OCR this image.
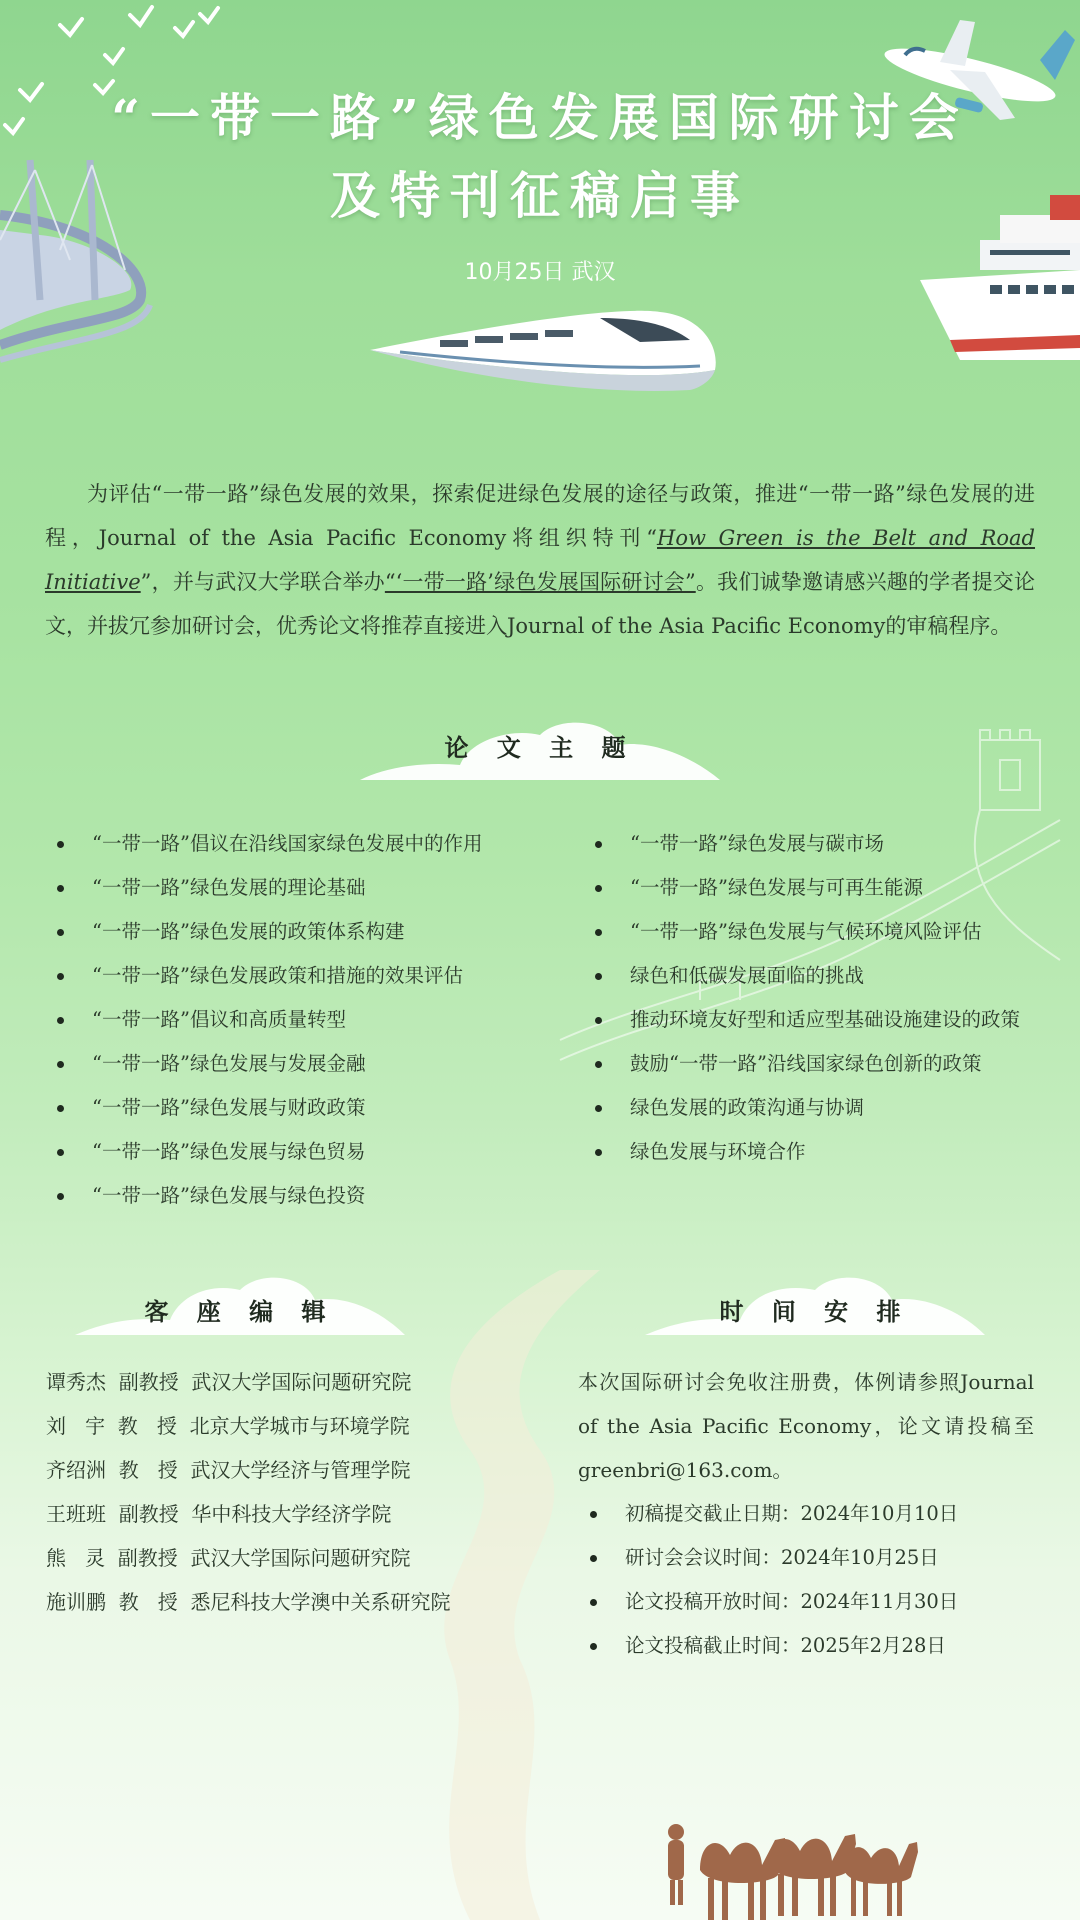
“一带一路”绿色发展国际研讨会
及特刊征稿启事
10月25日 武汉
为评估“一带一路”绿色发展的效果，探索促进绿色发展的途径与政策，推进“一带一路”绿色发展的进程，Journal of the Asia Pacific Economy将组织特刊“How Green is the Belt and Road Initiative”，并与武汉大学联合举办“‘一带一路’绿色发展国际研讨会”。我们诚挚邀请感兴趣的学者提交论文，并拔冗参加研讨会，优秀论文将推荐直接进入Journal of the Asia Pacific Economy的审稿程序。
论 文 主 题
“一带一路”倡议在沿线国家绿色发展中的作用
“一带一路”绿色发展的理论基础
“一带一路”绿色发展的政策体系构建
“一带一路”绿色发展政策和措施的效果评估
“一带一路”倡议和高质量转型
“一带一路”绿色发展与发展金融
“一带一路”绿色发展与财政政策
“一带一路”绿色发展与绿色贸易
“一带一路”绿色发展与绿色投资
“一带一路”绿色发展与碳市场
“一带一路”绿色发展与可再生能源
“一带一路”绿色发展与气候环境风险评估
绿色和低碳发展面临的挑战
推动环境友好型和适应型基础设施建设的政策
鼓励“一带一路”沿线国家绿色创新的政策
绿色发展的政策沟通与协调
绿色发展与环境合作
客 座 编 辑	时 间 安 排
谭秀杰  副教授  武汉大学国际问题研究院
刘   宇  教   授  北京大学城市与环境学院
齐绍洲  教   授  武汉大学经济与管理学院
王班班  副教授  华中科技大学经济学院
熊   灵  副教授  武汉大学国际问题研究院
施训鹏  教   授  悉尼科技大学澳中关系研究院
本次国际研讨会免收注册费，体例请参照Journal of the Asia Pacific Economy，论文请投稿至greenbri@163.com。
初稿提交截止日期：2024年10月10日
研讨会会议时间：2024年10月25日
论文投稿开放时间：2024年11月30日
论文投稿截止时间：2025年2月28日
